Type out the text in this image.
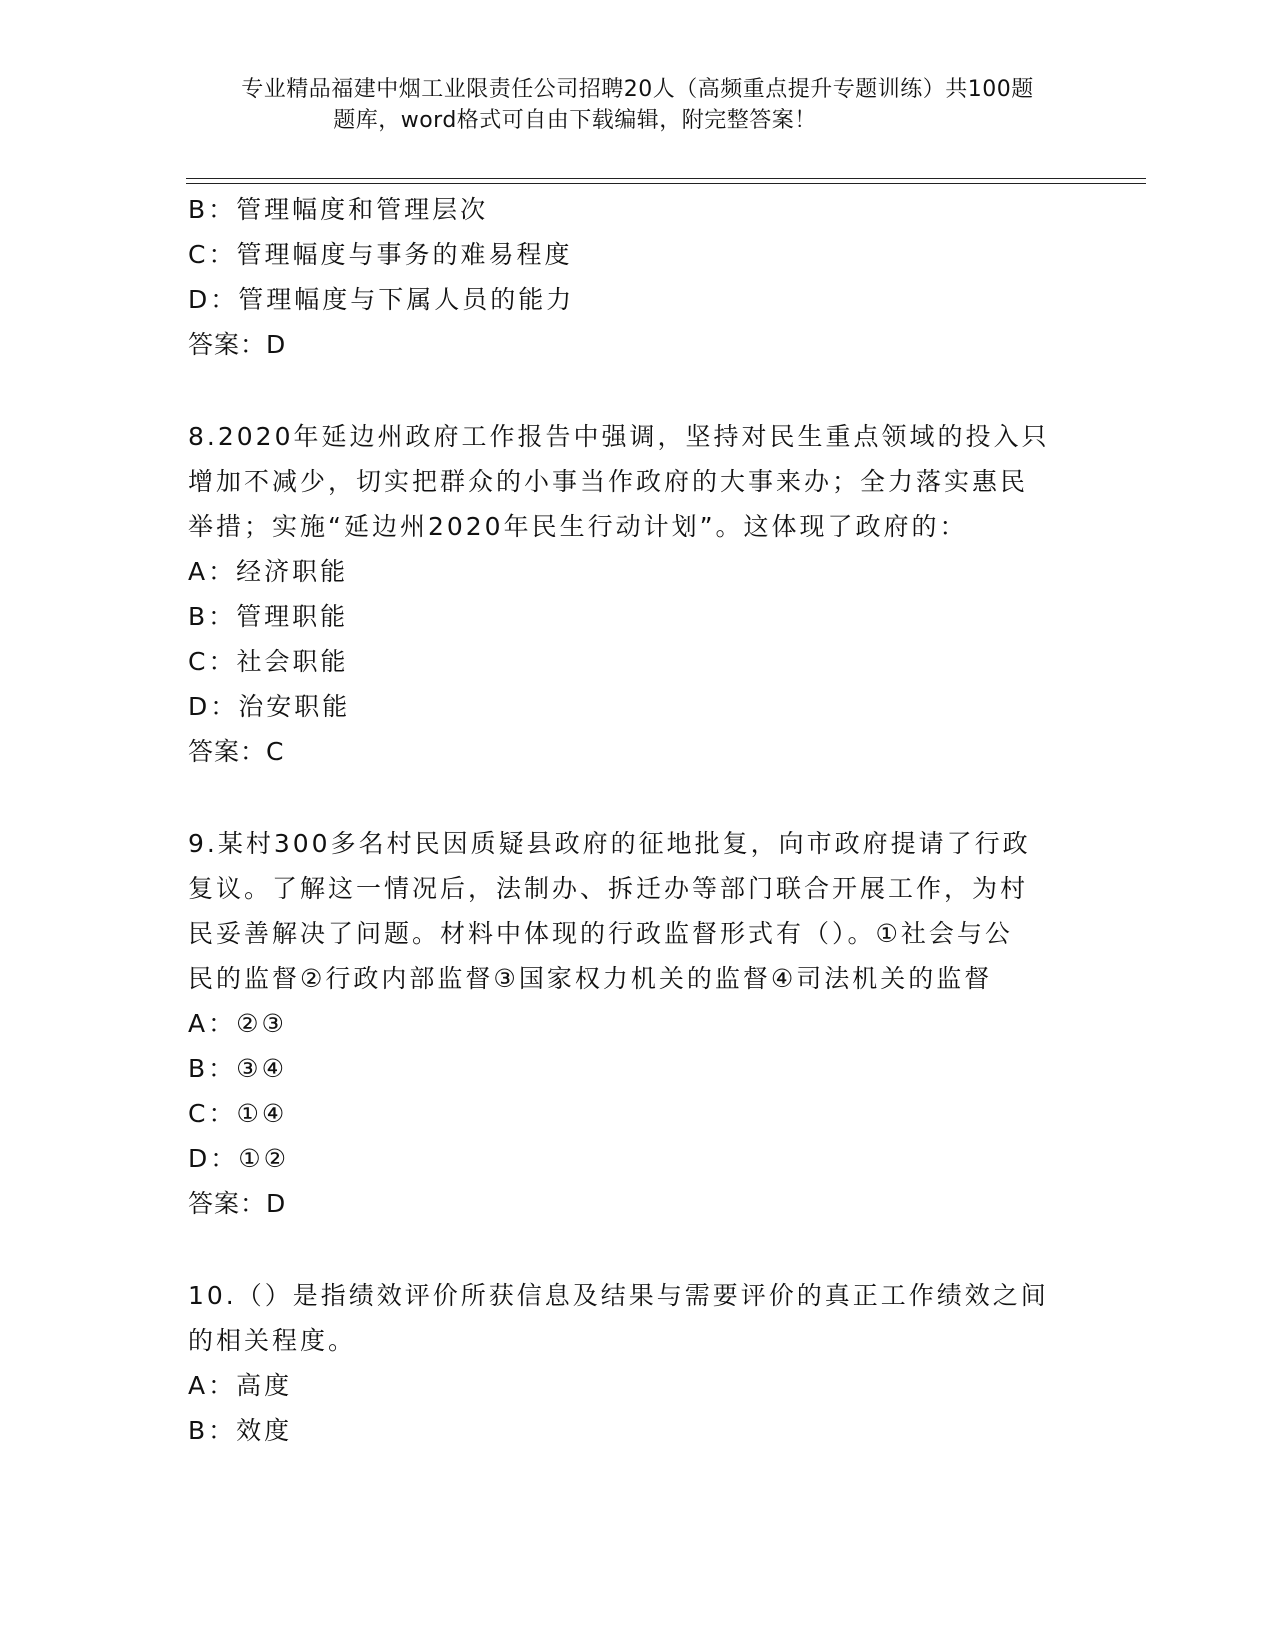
专业精品福建中烟工业限责任公司招聘20人（高频重点提升专题训练）共100题
题库，word格式可自由下载编辑，附完整答案！
B：管理幅度和管理层次
C：管理幅度与事务的难易程度
D：管理幅度与下属人员的能力
答案：D
8.2020年延边州政府工作报告中强调，坚持对民生重点领域的投入只
增加不减少，切实把群众的小事当作政府的大事来办；全力落实惠民
举措；实施“延边州2020年民生行动计划”。这体现了政府的：
A：经济职能
B：管理职能
C：社会职能
D：治安职能
答案：C
9.某村300多名村民因质疑县政府的征地批复，向市政府提请了行政
复议。了解这一情况后，法制办、拆迁办等部门联合开展工作，为村
民妥善解决了问题。材料中体现的行政监督形式有（）。①社会与公
民的监督②行政内部监督③国家权力机关的监督④司法机关的监督
A：②③
B：③④
C：①④
D：①②
答案：D
10.（）是指绩效评价所获信息及结果与需要评价的真正工作绩效之间
的相关程度。
A：高度
B：效度
